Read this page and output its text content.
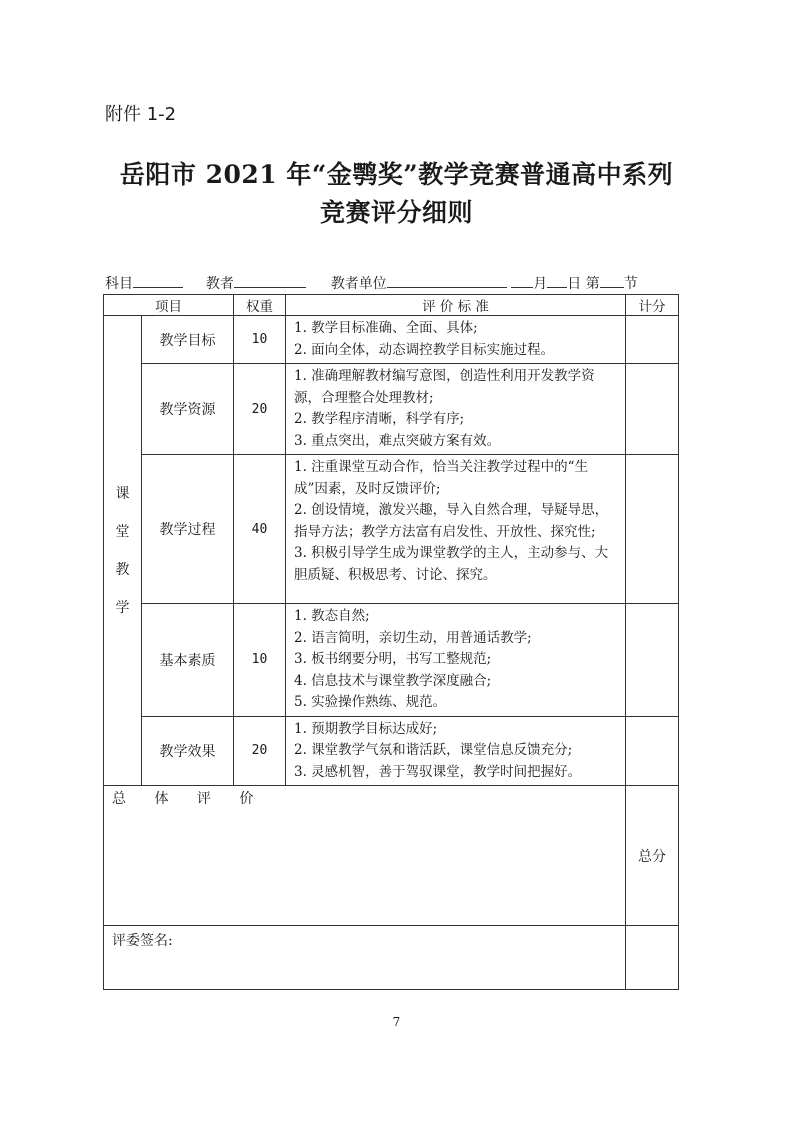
附件 1-2
岳阳市 2021 年“金鹗奖”教学竞赛普通高中系列
竞赛评分细则
科目	教者	教者单位	月 日 第 节
项目		权重	评 价 标 准	计分

课堂教学	教学目标	10	1. 教学目标准确、全面、具体;
2. 面向全体，动态调控教学目标实施过程。	

	教学资源	20	1. 准确理解教材编写意图，创造性利用开发教学资源，合理整合处理教材;
2. 教学程序清晰，科学有序;
3. 重点突出，难点突破方案有效。	

	教学过程	40	1. 注重课堂互动合作，恰当关注教学过程中的“生成”因素，及时反馈评价;
2. 创设情境，激发兴趣，导入自然合理，导疑导思，指导方法；教学方法富有启发性、开放性、探究性;
3. 积极引导学生成为课堂教学的主人，主动参与、大胆质疑、积极思考、讨论、探究。	

	基本素质	10	1. 教态自然;
2. 语言简明，亲切生动，用普通话教学;
3. 板书纲要分明，书写工整规范;
4. 信息技术与课堂教学深度融合;
5. 实验操作熟练、规范。	

	教学效果	20	1. 预期教学目标达成好;
2. 课堂教学气氛和谐活跃，课堂信息反馈充分;
3. 灵感机智，善于驾驭课堂，教学时间把握好。	

总 体 评 价				总分
评委签名:				
7
